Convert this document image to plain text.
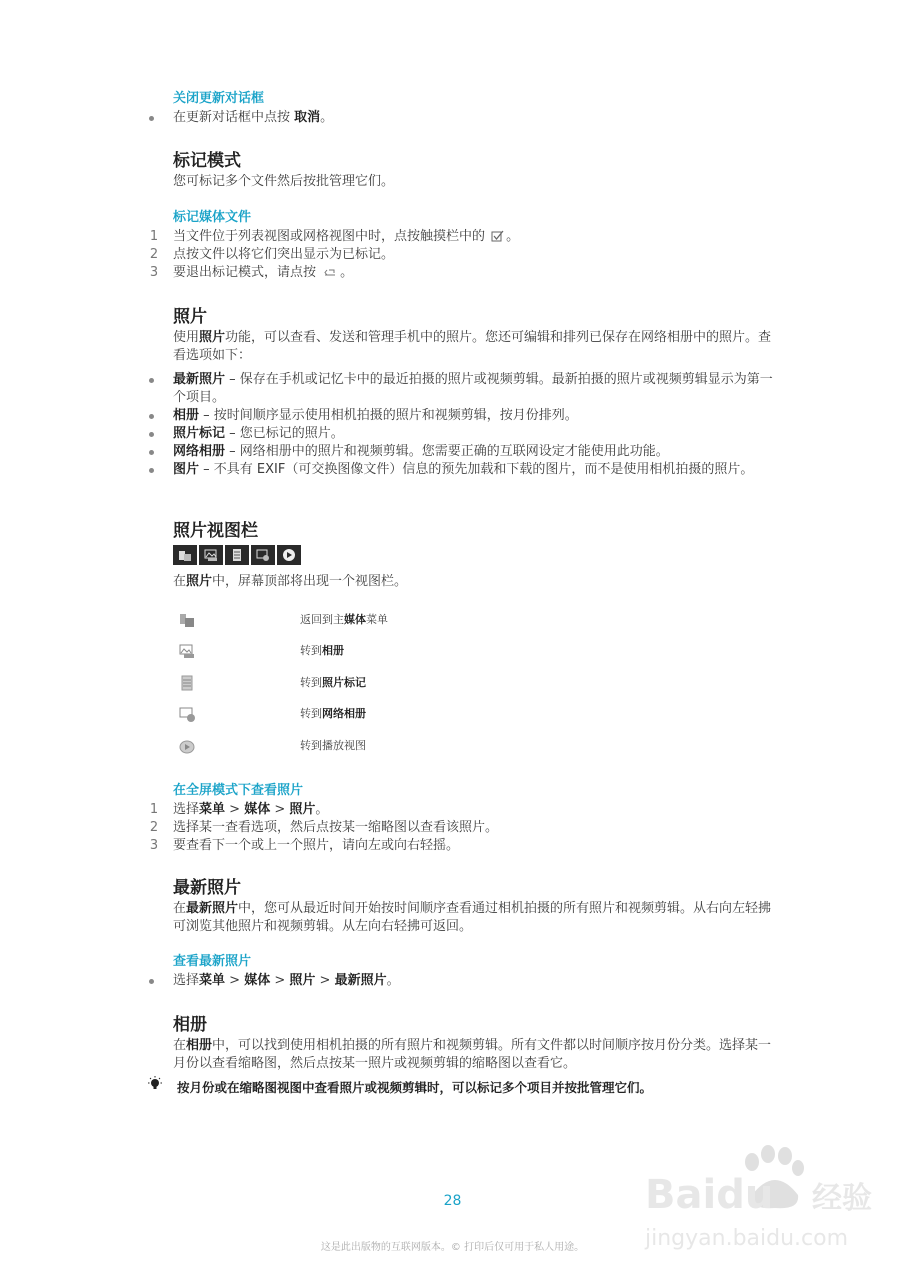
关闭更新对话框
在更新对话框中点按 取消。
标记模式

您可标记多个文件然后按批管理它们。

标记媒体文件
1 当文件位于列表视图或网格视图中时，点按触摸栏中的 。
2 点按文件以将它们突出显示为已标记。
3 要退出标记模式，请点按 。
照片

使用照片功能，可以查看、发送和管理手机中的照片。您还可编辑和排列已保存在网络相册中的照片。查看选项如下：

最新照片 – 保存在手机或记忆卡中的最近拍摄的照片或视频剪辑。最新拍摄的照片或视频剪辑显示为第一个项目。
相册 – 按时间顺序显示使用相机拍摄的照片和视频剪辑，按月份排列。
照片标记 – 您已标记的照片。
网络相册 – 网络相册中的照片和视频剪辑。您需要正确的互联网设定才能使用此功能。
图片 – 不具有 EXIF（可交换图像文件）信息的预先加载和下载的图片，而不是使用相机拍摄的照片。
照片视图栏

在照片中，屏幕顶部将出现一个视图栏。

返回到主媒体菜单
转到相册
转到照片标记
转到网络相册
转到播放视图
在全屏模式下查看照片
1 选择菜单 > 媒体 > 照片。
2 选择某一查看选项，然后点按某一缩略图以查看该照片。
3 要查看下一个或上一个照片，请向左或向右轻摇。
最新照片

在最新照片中，您可从最近时间开始按时间顺序查看通过相机拍摄的所有照片和视频剪辑。从右向左轻拂可浏览其他照片和视频剪辑。从左向右轻拂可返回。

查看最新照片
选择菜单 > 媒体 > 照片 > 最新照片。
相册

在相册中，可以找到使用相机拍摄的所有照片和视频剪辑。所有文件都以时间顺序按月份分类。选择某一月份以查看缩略图，然后点按某一照片或视频剪辑的缩略图以查看它。

按月份或在缩略图视图中查看照片或视频剪辑时，可以标记多个项目并按批管理它们。
28
这是此出版物的互联网版本。© 打印后仅可用于私人用途。
Baidu 经验
jingyan.baidu.com
